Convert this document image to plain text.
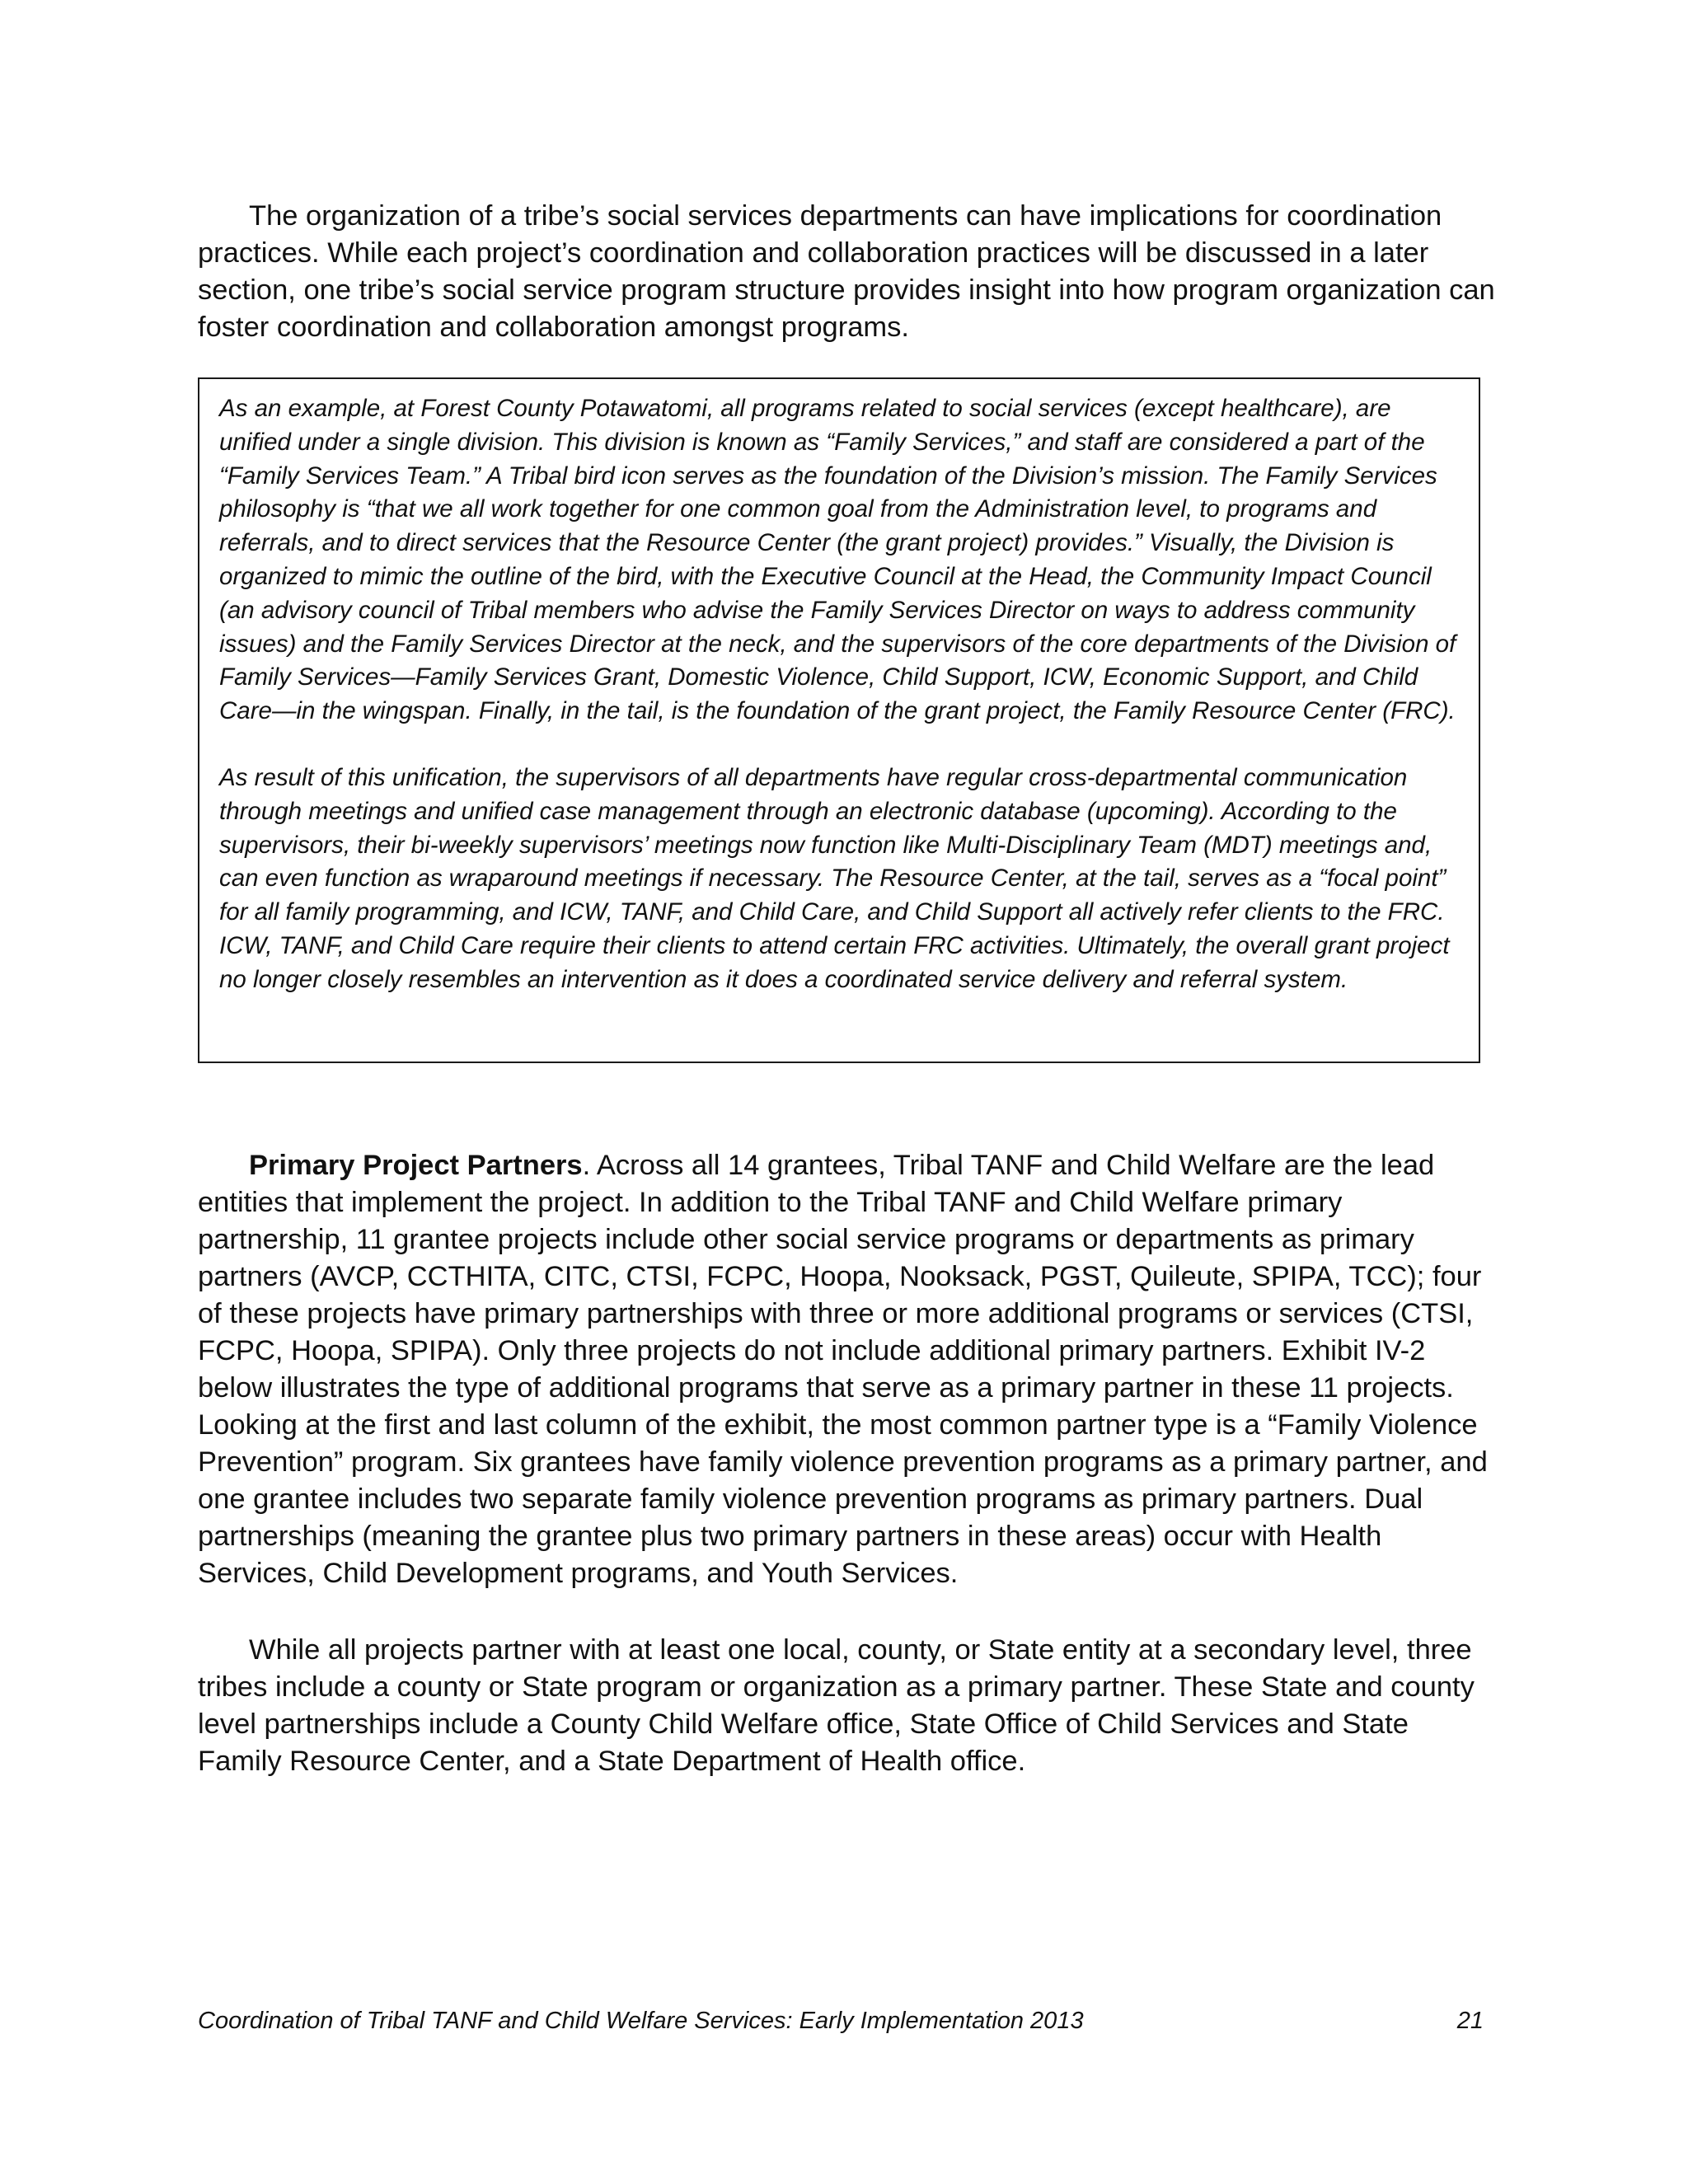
The organization of a tribe’s social services departments can have implications for coordination practices. While each project’s coordination and collaboration practices will be discussed in a later section, one tribe’s social service program structure provides insight into how program organization can foster coordination and collaboration amongst programs.

As an example, at Forest County Potawatomi, all programs related to social services (except healthcare), are unified under a single division. This division is known as “Family Services,” and staff are considered a part of the “Family Services Team.” A Tribal bird icon serves as the foundation of the Division’s mission. The Family Services philosophy is “that we all work together for one common goal from the Administration level, to programs and referrals, and to direct services that the Resource Center (the grant project) provides.” Visually, the Division is organized to mimic the outline of the bird, with the Executive Council at the Head, the Community Impact Council (an advisory council of Tribal members who advise the Family Services Director on ways to address community issues) and the Family Services Director at the neck, and the supervisors of the core departments of the Division of Family Services—Family Services Grant, Domestic Violence, Child Support, ICW, Economic Support, and Child Care—in the wingspan. Finally, in the tail, is the foundation of the grant project, the Family Resource Center (FRC).

As result of this unification, the supervisors of all departments have regular cross-departmental communication through meetings and unified case management through an electronic database (upcoming). According to the supervisors, their bi-weekly supervisors’ meetings now function like Multi-Disciplinary Team (MDT) meetings and, can even function as wraparound meetings if necessary. The Resource Center, at the tail, serves as a “focal point” for all family programming, and ICW, TANF, and Child Care, and Child Support all actively refer clients to the FRC. ICW, TANF, and Child Care require their clients to attend certain FRC activities. Ultimately, the overall grant project no longer closely resembles an intervention as it does a coordinated service delivery and referral system.

Primary Project Partners. Across all 14 grantees, Tribal TANF and Child Welfare are the lead entities that implement the project. In addition to the Tribal TANF and Child Welfare primary partnership, 11 grantee projects include other social service programs or departments as primary partners (AVCP, CCTHITA, CITC, CTSI, FCPC, Hoopa, Nooksack, PGST, Quileute, SPIPA, TCC); four of these projects have primary partnerships with three or more additional programs or services (CTSI, FCPC, Hoopa, SPIPA). Only three projects do not include additional primary partners. Exhibit IV-2 below illustrates the type of additional programs that serve as a primary partner in these 11 projects. Looking at the first and last column of the exhibit, the most common partner type is a “Family Violence Prevention” program. Six grantees have family violence prevention programs as a primary partner, and one grantee includes two separate family violence prevention programs as primary partners. Dual partnerships (meaning the grantee plus two primary partners in these areas) occur with Health Services, Child Development programs, and Youth Services.

While all projects partner with at least one local, county, or State entity at a secondary level, three tribes include a county or State program or organization as a primary partner. These State and county level partnerships include a County Child Welfare office, State Office of Child Services and State Family Resource Center, and a State Department of Health office.

Coordination of Tribal TANF and Child Welfare Services: Early Implementation 2013	21
